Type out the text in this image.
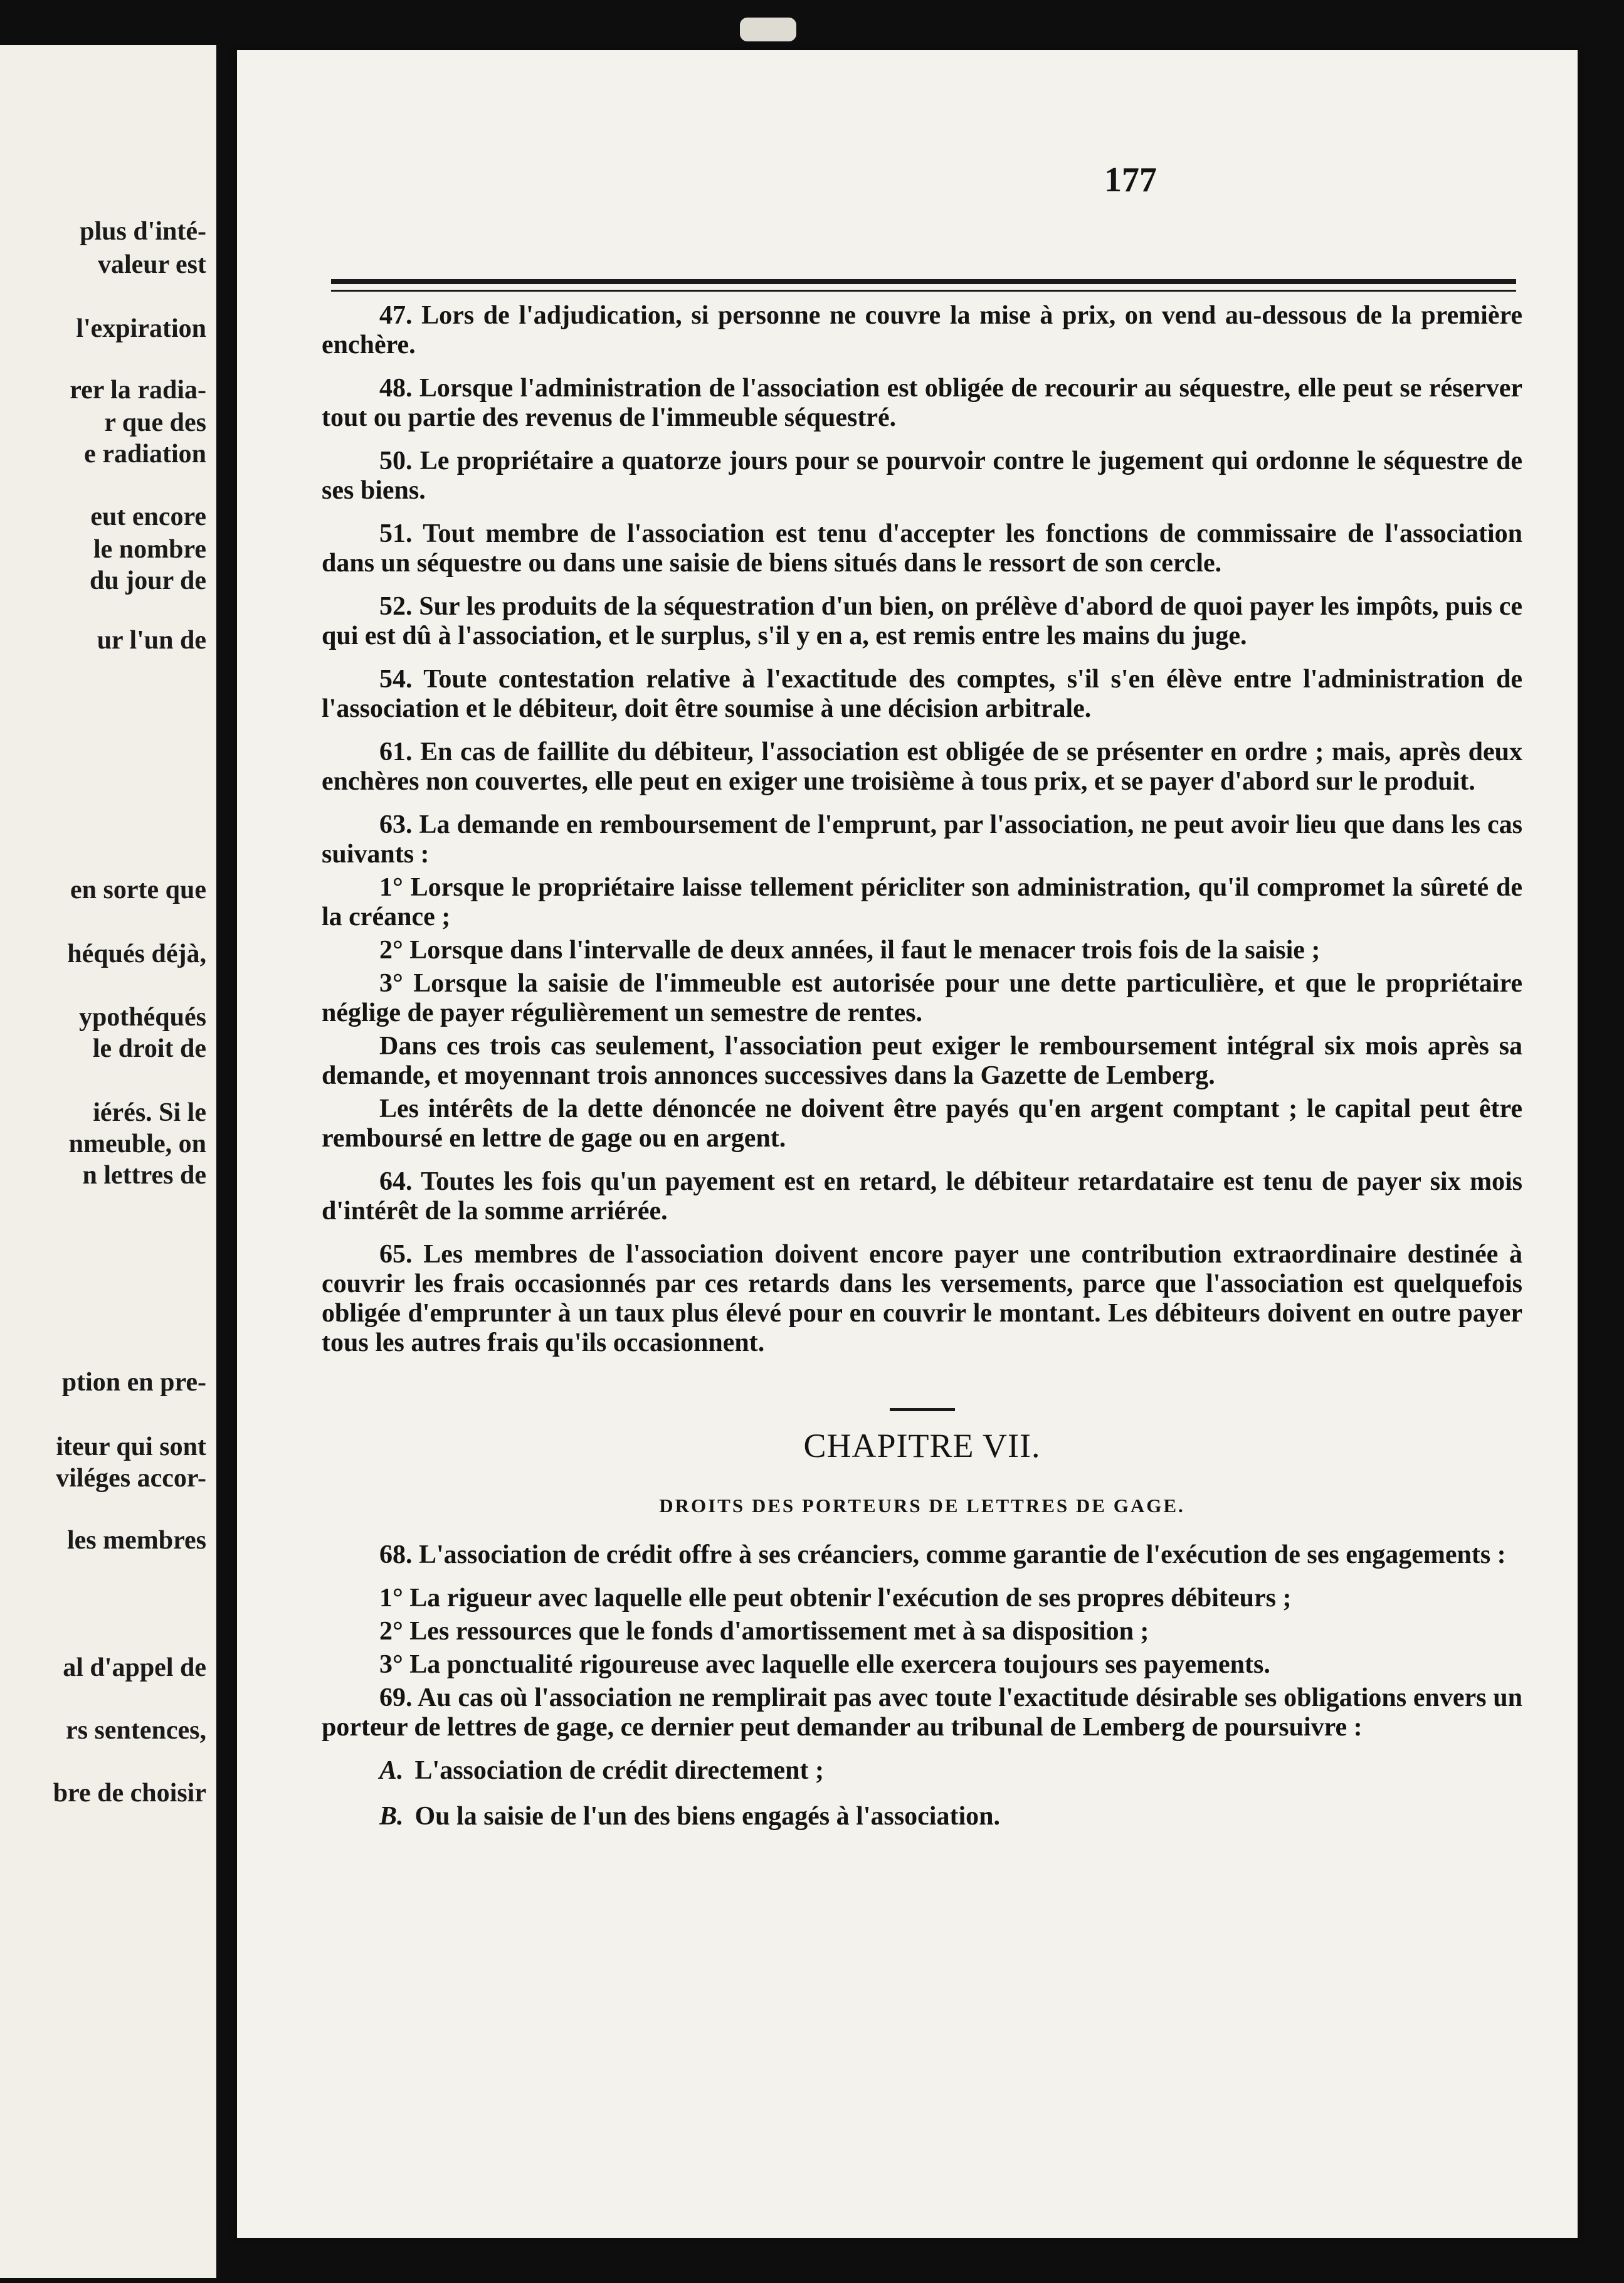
plus d'inté-
valeur est
l'expiration
rer la radia-
r que des
e radiation
eut encore
le nombre
du jour de
ur l'un de
en sorte que
héqués déjà,
ypothéqués
le droit de
iérés. Si le
nmeuble, on
n lettres de
ption en pre-
iteur qui sont
viléges accor-
les membres
al d'appel de
rs sentences,
bre de choisir
177

47. Lors de l'adjudication, si personne ne couvre la mise à prix, on vend au-dessous de la première enchère.

48. Lorsque l'administration de l'association est obligée de recourir au séquestre, elle peut se réserver tout ou partie des revenus de l'immeuble séquestré.

50. Le propriétaire a quatorze jours pour se pourvoir contre le jugement qui ordonne le séquestre de ses biens.

51. Tout membre de l'association est tenu d'accepter les fonctions de commissaire de l'association dans un séquestre ou dans une saisie de biens situés dans le ressort de son cercle.

52. Sur les produits de la séquestration d'un bien, on prélève d'abord de quoi payer les impôts, puis ce qui est dû à l'association, et le surplus, s'il y en a, est remis entre les mains du juge.

54. Toute contestation relative à l'exactitude des comptes, s'il s'en élève entre l'administration de l'association et le débiteur, doit être soumise à une décision arbitrale.

61. En cas de faillite du débiteur, l'association est obligée de se présenter en ordre ; mais, après deux enchères non couvertes, elle peut en exiger une troisième à tous prix, et se payer d'abord sur le produit.

63. La demande en remboursement de l'emprunt, par l'association, ne peut avoir lieu que dans les cas suivants :

1° Lorsque le propriétaire laisse tellement péricliter son administration, qu'il compromet la sûreté de la créance ;

2° Lorsque dans l'intervalle de deux années, il faut le menacer trois fois de la saisie ;

3° Lorsque la saisie de l'immeuble est autorisée pour une dette particulière, et que le propriétaire néglige de payer régulièrement un semestre de rentes.

Dans ces trois cas seulement, l'association peut exiger le remboursement intégral six mois après sa demande, et moyennant trois annonces successives dans la Gazette de Lemberg.

Les intérêts de la dette dénoncée ne doivent être payés qu'en argent comptant ; le capital peut être remboursé en lettre de gage ou en argent.

64. Toutes les fois qu'un payement est en retard, le débiteur retardataire est tenu de payer six mois d'intérêt de la somme arriérée.

65. Les membres de l'association doivent encore payer une contribution extraordinaire destinée à couvrir les frais occasionnés par ces retards dans les versements, parce que l'association est quelquefois obligée d'emprunter à un taux plus élevé pour en couvrir le montant. Les débiteurs doivent en outre payer tous les autres frais qu'ils occasionnent.

CHAPITRE VII.

DROITS DES PORTEURS DE LETTRES DE GAGE.

68. L'association de crédit offre à ses créanciers, comme garantie de l'exécution de ses engagements :

1° La rigueur avec laquelle elle peut obtenir l'exécution de ses propres débiteurs ;

2° Les ressources que le fonds d'amortissement met à sa disposition ;

3° La ponctualité rigoureuse avec laquelle elle exercera toujours ses payements.

69. Au cas où l'association ne remplirait pas avec toute l'exactitude désirable ses obligations envers un porteur de lettres de gage, ce dernier peut demander au tribunal de Lemberg de poursuivre :

A. L'association de crédit directement ;

B. Ou la saisie de l'un des biens engagés à l'association.
